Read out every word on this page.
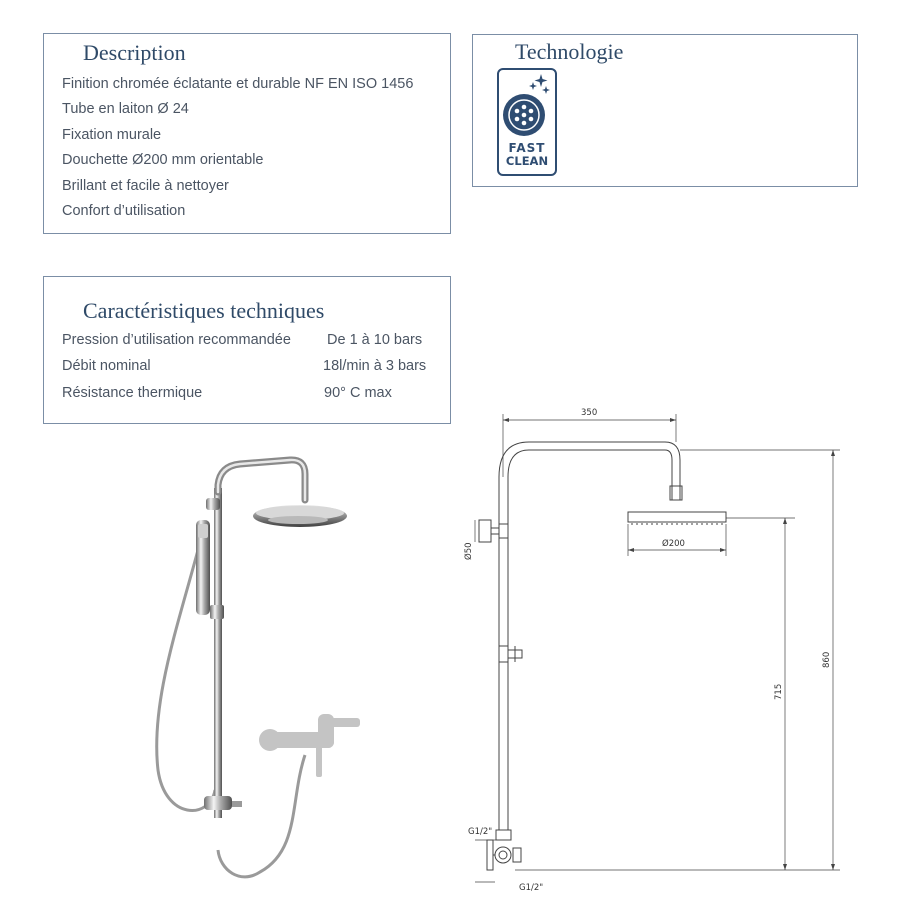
Description
Finition chromée éclatante et durable NF EN ISO 1456
Tube en laiton Ø 24
Fixation murale
Douchette Ø200 mm orientable
Brillant et facile à nettoyer
Confort d’utilisation
Technologie
FAST
CLEAN
Caractéristiques techniques
Pression d’utilisation recommandée De 1 à 10 bars
Débit nominal	18l/min à 3 bars
Résistance thermique	90° C max
350
Ø200
Ø50
715
860
G1/2"
G1/2"
